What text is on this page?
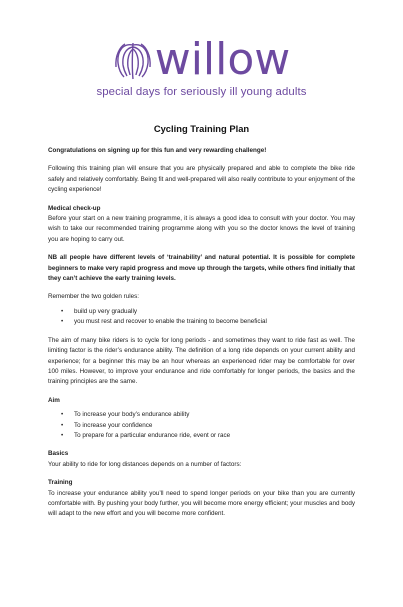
willow
special days for seriously ill young adults
Cycling Training Plan

Congratulations on signing up for this fun and very rewarding challenge!

Following this training plan will ensure that you are physically prepared and able to complete the bike ride safely and relatively comfortably. Being fit and well-prepared will also really contribute to your enjoyment of the cycling experience!

Medical check-up

Before your start on a new training programme, it is always a good idea to consult with your doctor. You may wish to take our recommended training programme along with you so the doctor knows the level of training you are hoping to carry out.

NB all people have different levels of ‘trainability’ and natural potential. It is possible for complete beginners to make very rapid progress and move up through the targets, while others find initially that they can’t achieve the early training levels.

Remember the two golden rules:

• build up very gradually
• you must rest and recover to enable the training to become beneficial

The aim of many bike riders is to cycle for long periods - and sometimes they want to ride fast as well. The limiting factor is the rider’s endurance ability. The definition of a long ride depends on your current ability and experience; for a beginner this may be an hour whereas an experienced rider may be comfortable for over 100 miles. However, to improve your endurance and ride comfortably for longer periods, the basics and the training principles are the same.

Aim
• To increase your body’s endurance ability
• To increase your confidence
• To prepare for a particular endurance ride, event or race
Basics

Your ability to ride for long distances depends on a number of factors:

Training

To increase your endurance ability you’ll need to spend longer periods on your bike than you are currently comfortable with. By pushing your body further, you will become more energy efficient; your muscles and body will adapt to the new effort and you will become more confident.
